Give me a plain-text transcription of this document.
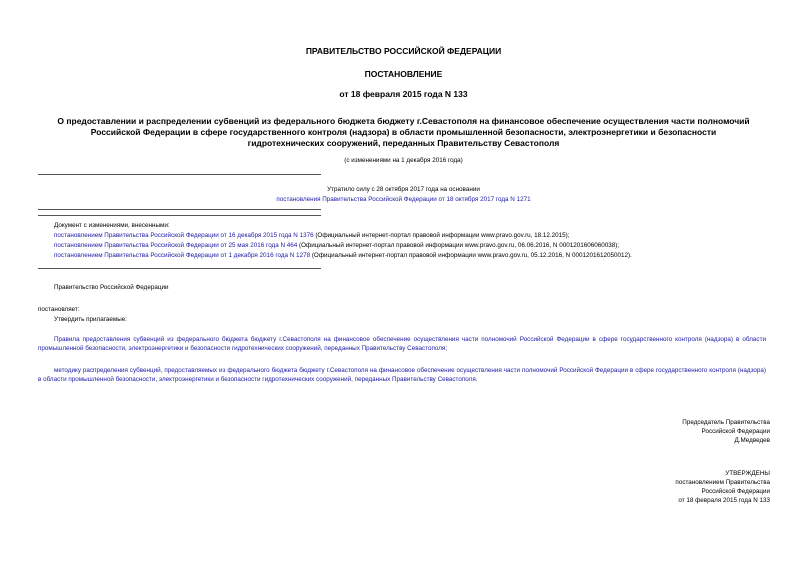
ПРАВИТЕЛЬСТВО РОССИЙСКОЙ ФЕДЕРАЦИИ
ПОСТАНОВЛЕНИЕ
от 18 февраля 2015 года N 133
О предоставлении и распределении субвенций из федерального бюджета бюджету г.Севастополя на финансовое обеспечение осуществления части полномочий
Российской Федерации в сфере государственного контроля (надзора) в области промышленной безопасности, электроэнергетики и безопасности
гидротехнических сооружений, переданных Правительству Севастополя
(с изменениями на 1 декабря 2016 года)
Утратило силу с 28 октября 2017 года на основании
постановления Правительства Российской Федерации от 18 октября 2017 года N 1271
Документ с изменениями, внесенными:
постановлением Правительства Российской Федерации от 16 декабря 2015 года N 1376 (Официальный интернет-портал правовой информации www.pravo.gov.ru, 18.12.2015);
постановлением Правительства Российской Федерации от 25 мая 2016 года N 464 (Официальный интернет-портал правовой информации www.pravo.gov.ru, 06.06.2016, N 0001201606060038);
постановлением Правительства Российской Федерации от 1 декабря 2016 года N 1278 (Официальный интернет-портал правовой информации www.pravo.gov.ru, 05.12.2016, N 0001201612050012).
Правительство Российской Федерации
постановляет:
Утвердить прилагаемые:
Правила предоставления субвенций из федерального бюджета бюджету г.Севастополя на финансовое обеспечение осуществления части полномочий Российской Федерации в сфере государственного контроля (надзора) в области промышленной безопасности, электроэнергетики и безопасности гидротехнических сооружений, переданных Правительству Севастополя;
методику распределения субвенций, предоставляемых из федерального бюджета бюджету г.Севастополя на финансовое обеспечение осуществления части полномочий Российской Федерации в сфере государственного контроля (надзора) в области промышленной безопасности, электроэнергетики и безопасности гидротехнических сооружений, переданных Правительству Севастополя.
Председатель Правительства
Российской Федерации
Д.Медведев
УТВЕРЖДЕНЫ
постановлением Правительства
Российской Федерации
от 18 февраля 2015 года N 133
